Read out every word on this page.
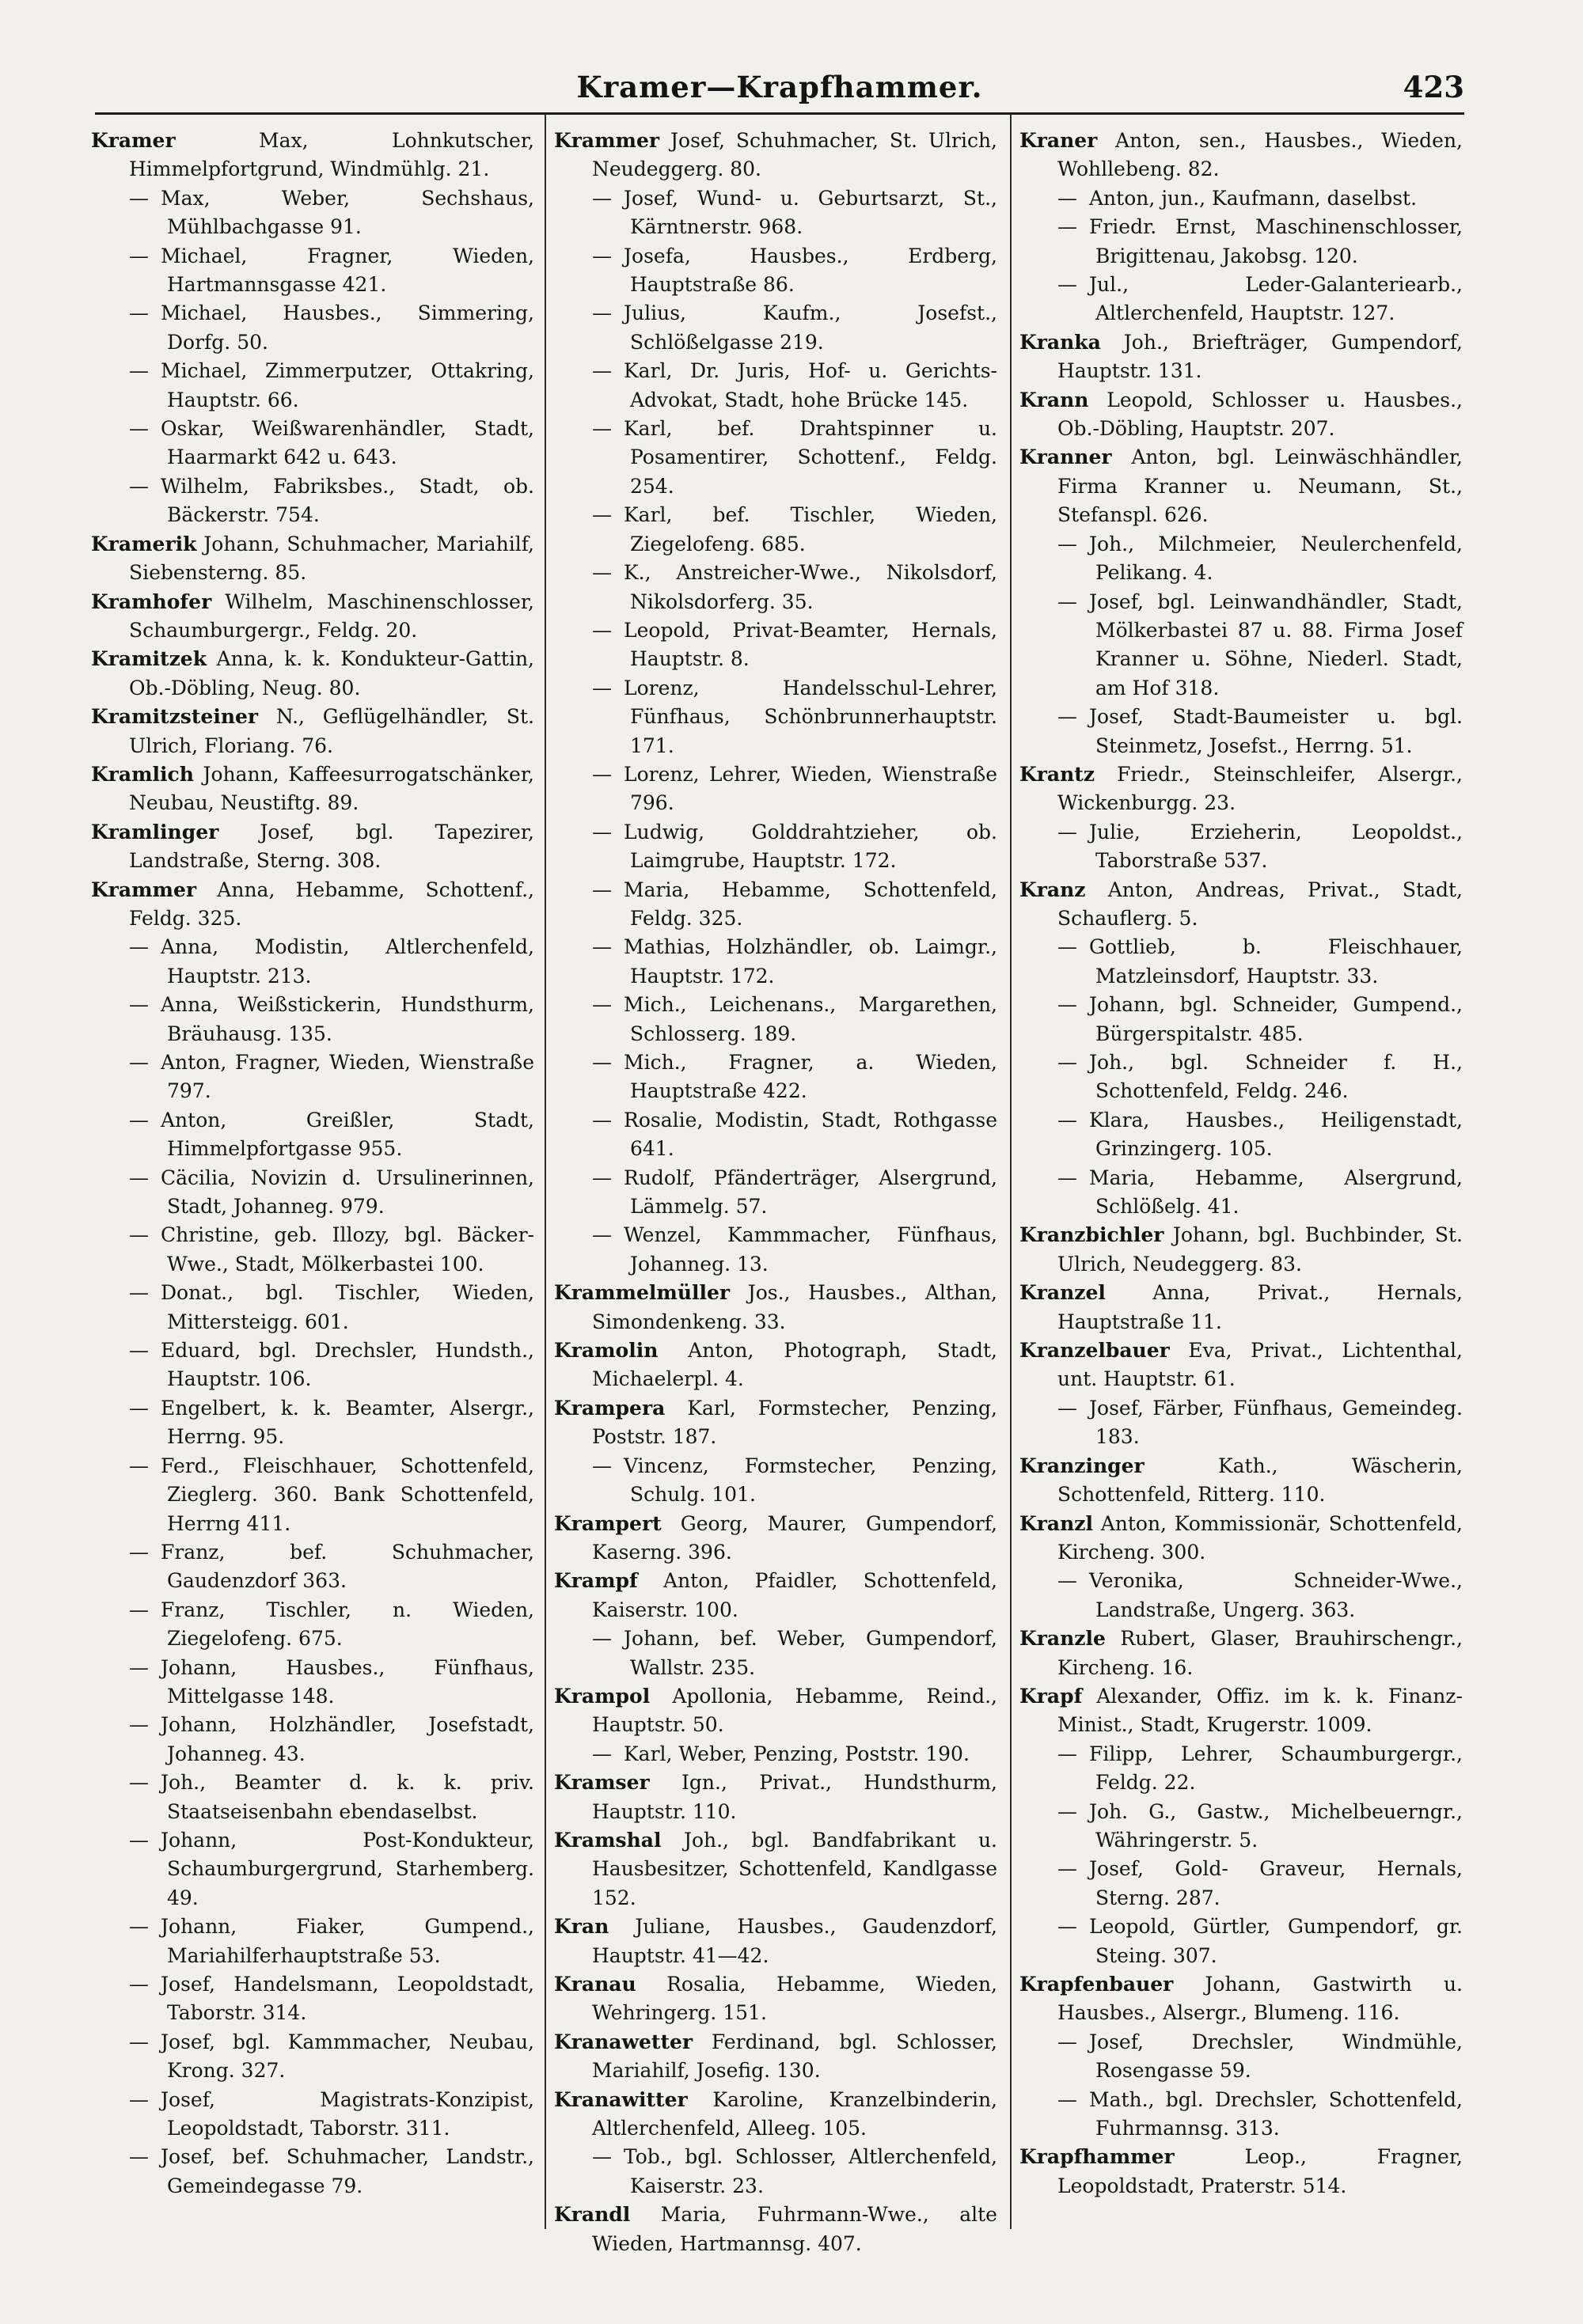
Kramer—Krapfhammer.	423

Kramer	Max, Lohnkutscher, Himmelpfortgrund, Windmühlg. 21.

— Max, Weber, Sechshaus, Mühlbachgasse 91.

— Michael, Fragner, Wieden, Hartmannsgasse 421.

— Michael, Hausbes., Simmering, Dorfg. 50.

— Michael, Zimmerputzer, Ottakring, Hauptstr. 66.

— Oskar, Weißwarenhändler, Stadt, Haarmarkt 642 u. 643.

— Wilhelm, Fabriksbes., Stadt, ob. Bäckerstr. 754.

Kramerik Johann, Schuhmacher, Mariahilf, Siebensterng. 85.

Kramhofer Wilhelm, Maschinenschlosser, Schaumburgergr., Feldg. 20.

Kramitzek Anna, k. k. Kondukteur-Gattin, Ob.-Döbling, Neug. 80.

Kramitzsteiner N., Geflügelhändler, St. Ulrich, Floriang. 76.

Kramlich Johann, Kaffeesurrogatschänker, Neubau, Neustiftg. 89.

Kramlinger Josef, bgl. Tapezirer, Landstraße, Sterng. 308.

Krammer Anna, Hebamme, Schottenf., Feldg. 325.

— Anna, Modistin, Altlerchenfeld, Hauptstr. 213.

— Anna, Weißstickerin, Hundsthurm, Bräuhausg. 135.

— Anton, Fragner, Wieden, Wienstraße 797.

— Anton, Greißler, Stadt, Himmelpfortgasse 955.

— Cäcilia, Novizin d. Ursulinerinnen, Stadt, Johanneg. 979.

— Christine, geb. Illozy, bgl. Bäcker-Wwe., Stadt, Mölkerbastei 100.

— Donat., bgl. Tischler, Wieden, Mittersteigg. 601.

— Eduard, bgl. Drechsler, Hundsth., Hauptstr. 106.

— Engelbert, k. k. Beamter, Alsergr., Herrng. 95.

— Ferd., Fleischhauer, Schottenfeld, Zieglerg. 360. Bank Schottenfeld, Herrng 411.

— Franz, bef. Schuhmacher, Gaudenzdorf 363.

— Franz, Tischler, n. Wieden, Ziegelofeng. 675.

— Johann, Hausbes., Fünfhaus, Mittelgasse 148.

— Johann, Holzhändler, Josefstadt, Johanneg. 43.

— Joh., Beamter d. k. k. priv. Staatseisenbahn ebendaselbst.

— Johann, Post-Kondukteur, Schaumburgergrund, Starhemberg. 49.

— Johann, Fiaker, Gumpend., Mariahilferhauptstraße 53.

— Josef, Handelsmann, Leopoldstadt, Taborstr. 314.

— Josef, bgl. Kammmacher, Neubau, Krong. 327.

— Josef, Magistrats-Konzipist, Leopoldstadt, Taborstr. 311.

— Josef, bef. Schuhmacher, Landstr., Gemeindegasse 79.

Krammer Josef, Schuhmacher, St. Ulrich, Neudeggerg. 80.

— Josef, Wund- u. Geburtsarzt, St., Kärntnerstr. 968.

— Josefa, Hausbes., Erdberg, Hauptstraße 86.

— Julius, Kaufm., Josefst., Schlößelgasse 219.

— Karl, Dr. Juris, Hof- u. Gerichts-Advokat, Stadt, hohe Brücke 145.

— Karl, bef. Drahtspinner u. Posamentirer, Schottenf., Feldg. 254.

— Karl, bef. Tischler, Wieden, Ziegelofeng. 685.

— K., Anstreicher-Wwe., Nikolsdorf, Nikolsdorferg. 35.

— Leopold, Privat-Beamter, Hernals, Hauptstr. 8.

— Lorenz, Handelsschul-Lehrer, Fünfhaus, Schönbrunnerhauptstr. 171.

— Lorenz, Lehrer, Wieden, Wienstraße 796.

— Ludwig, Golddrahtzieher, ob. Laimgrube, Hauptstr. 172.

— Maria, Hebamme, Schottenfeld, Feldg. 325.

— Mathias, Holzhändler, ob. Laimgr., Hauptstr. 172.

— Mich., Leichenans., Margarethen, Schlosserg. 189.

— Mich., Fragner, a. Wieden, Hauptstraße 422.

— Rosalie, Modistin, Stadt, Rothgasse 641.

— Rudolf, Pfänderträger, Alsergrund, Lämmelg. 57.

— Wenzel, Kammmacher, Fünfhaus, Johanneg. 13.

Krammelmüller Jos., Hausbes., Althan, Simondenkeng. 33.

Kramolin Anton, Photograph, Stadt, Michaelerpl. 4.

Krampera Karl, Formstecher, Penzing, Poststr. 187.

— Vincenz, Formstecher, Penzing, Schulg. 101.

Krampert Georg, Maurer, Gumpendorf, Kaserng. 396.

Krampf Anton, Pfaidler, Schottenfeld, Kaiserstr. 100.

— Johann, bef. Weber, Gumpendorf, Wallstr. 235.

Krampol Apollonia, Hebamme, Reind., Hauptstr. 50.

— Karl, Weber, Penzing, Poststr. 190.

Kramser Ign., Privat., Hundsthurm, Hauptstr. 110.

Kramshal Joh., bgl. Bandfabrikant u. Hausbesitzer, Schottenfeld, Kandlgasse 152.

Kran Juliane, Hausbes., Gaudenzdorf, Hauptstr. 41—42.

Kranau Rosalia, Hebamme, Wieden, Wehringerg. 151.

Kranawetter Ferdinand, bgl. Schlosser, Mariahilf, Josefig. 130.

Kranawitter Karoline, Kranzelbinderin, Altlerchenfeld, Alleeg. 105.

— Tob., bgl. Schlosser, Altlerchenfeld, Kaiserstr. 23.

Krandl Maria, Fuhrmann-Wwe., alte Wieden, Hartmannsg. 407.

Kraner Anton, sen., Hausbes., Wieden, Wohllebeng. 82.

— Anton, jun., Kaufmann, daselbst.

— Friedr. Ernst, Maschinenschlosser, Brigittenau, Jakobsg. 120.

— Jul., Leder-Galanteriearb., Altlerchenfeld, Hauptstr. 127.

Kranka Joh., Briefträger, Gumpendorf, Hauptstr. 131.

Krann Leopold, Schlosser u. Hausbes., Ob.-Döbling, Hauptstr. 207.

Kranner Anton, bgl. Leinwäschhändler, Firma Kranner u. Neumann, St., Stefanspl. 626.

— Joh., Milchmeier, Neulerchenfeld, Pelikang. 4.

— Josef, bgl. Leinwandhändler, Stadt, Mölkerbastei 87 u. 88. Firma Josef Kranner u. Söhne, Niederl. Stadt, am Hof 318.

— Josef, Stadt-Baumeister u. bgl. Steinmetz, Josefst., Herrng. 51.

Krantz Friedr., Steinschleifer, Alsergr., Wickenburgg. 23.

— Julie, Erzieherin, Leopoldst., Taborstraße 537.

Kranz Anton, Andreas, Privat., Stadt, Schauflerg. 5.

— Gottlieb, b. Fleischhauer, Matzleinsdorf, Hauptstr. 33.

— Johann, bgl. Schneider, Gumpend., Bürgerspitalstr. 485.

— Joh., bgl. Schneider f. H., Schottenfeld, Feldg. 246.

— Klara, Hausbes., Heiligenstadt, Grinzingerg. 105.

— Maria, Hebamme, Alsergrund, Schlößelg. 41.

Kranzbichler Johann, bgl. Buchbinder, St. Ulrich, Neudeggerg. 83.

Kranzel Anna, Privat., Hernals, Hauptstraße 11.

Kranzelbauer Eva, Privat., Lichtenthal, unt. Hauptstr. 61.

— Josef, Färber, Fünfhaus, Gemeindeg. 183.

Kranzinger	Kath., Wäscherin, Schottenfeld, Ritterg. 110.

Kranzl Anton, Kommissionär, Schottenfeld, Kircheng. 300.

— Veronika, Schneider-Wwe., Landstraße, Ungerg. 363.

Kranzle Rubert, Glaser, Brauhirschengr., Kircheng. 16.

Krapf Alexander, Offiz. im k. k. Finanz-Minist., Stadt, Krugerstr. 1009.

— Filipp, Lehrer, Schaumburgergr., Feldg. 22.

— Joh. G., Gastw., Michelbeuerngr., Währingerstr. 5.

— Josef, Gold- Graveur, Hernals, Sterng. 287.

— Leopold, Gürtler, Gumpendorf, gr. Steing. 307.

Krapfenbauer Johann, Gastwirth u. Hausbes., Alsergr., Blumeng. 116.

— Josef, Drechsler, Windmühle, Rosengasse 59.

— Math., bgl. Drechsler, Schottenfeld, Fuhrmannsg. 313.

Krapfhammer	Leop., Fragner, Leopoldstadt, Praterstr. 514.
